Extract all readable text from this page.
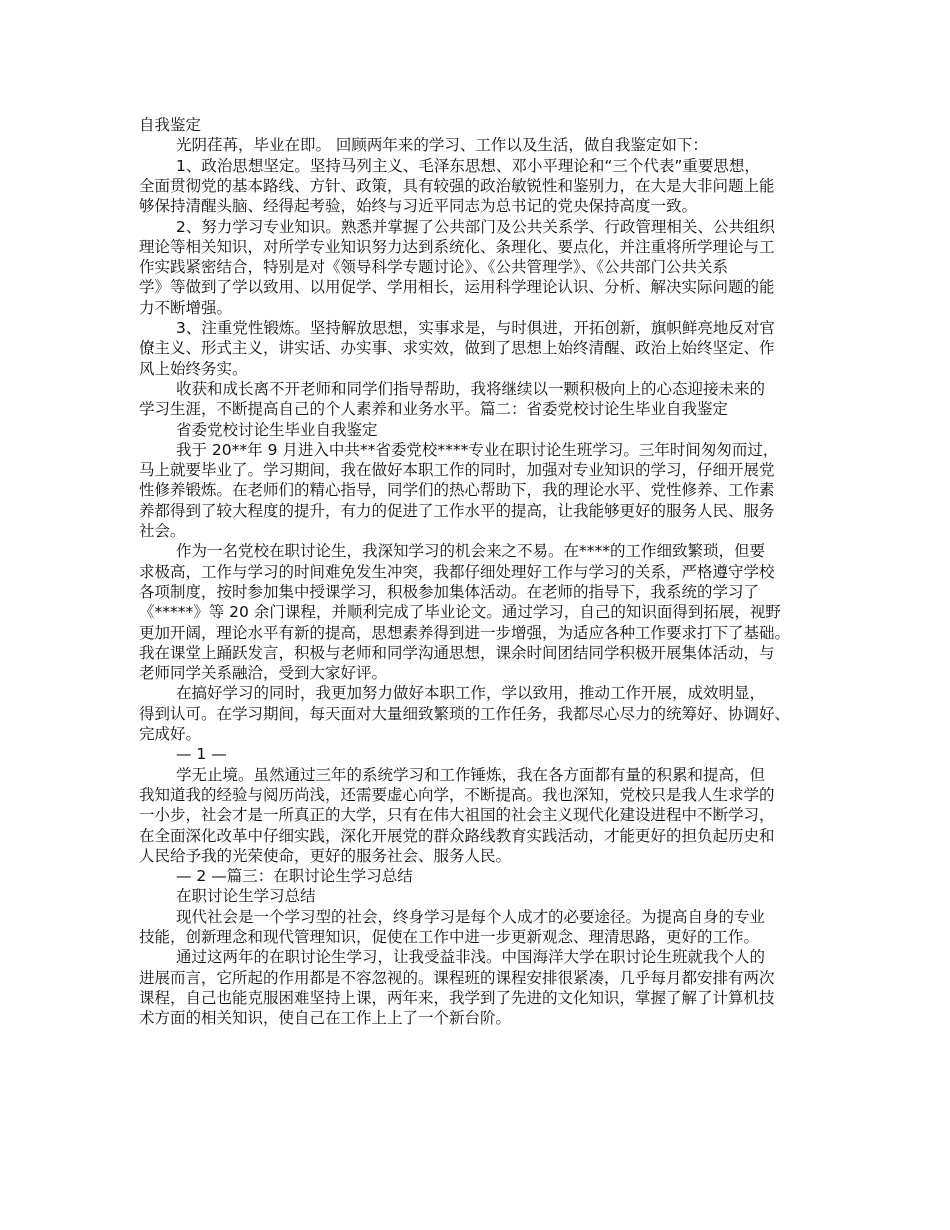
自我鉴定
光阴荏苒，毕业在即。 回顾两年来的学习、工作以及生活，做自我鉴定如下：
1、政治思想坚定。坚持马列主义、毛泽东思想、邓小平理论和“三个代表”重要思想，
全面贯彻党的基本路线、方针、政策，具有较强的政治敏锐性和鉴别力，在大是大非问题上能
够保持清醒头脑、经得起考验，始终与习近平同志为总书记的党央保持高度一致。
2、努力学习专业知识。熟悉并掌握了公共部门及公共关系学、行政管理相关、公共组织
理论等相关知识，对所学专业知识努力达到系统化、条理化、要点化，并注重将所学理论与工
作实践紧密结合，特别是对《领导科学专题讨论》、《公共管理学》、《公共部门公共关系
学》等做到了学以致用、以用促学、学用相长，运用科学理论认识、分析、解决实际问题的能
力不断增强。
3、注重党性锻炼。坚持解放思想，实事求是，与时俱进，开拓创新，旗帜鲜亮地反对官
僚主义、形式主义，讲实话、办实事、求实效，做到了思想上始终清醒、政治上始终坚定、作
风上始终务实。
收获和成长离不开老师和同学们指导帮助，我将继续以一颗积极向上的心态迎接未来的
学习生涯，不断提高自己的个人素养和业务水平。篇二：省委党校讨论生毕业自我鉴定
省委党校讨论生毕业自我鉴定
我于 20**年 9 月进入中共**省委党校****专业在职讨论生班学习。三年时间匆匆而过，
马上就要毕业了。学习期间，我在做好本职工作的同时，加强对专业知识的学习，仔细开展党
性修养锻炼。在老师们的精心指导，同学们的热心帮助下，我的理论水平、党性修养、工作素
养都得到了较大程度的提升，有力的促进了工作水平的提高，让我能够更好的服务人民、服务
社会。
作为一名党校在职讨论生，我深知学习的机会来之不易。在****的工作细致繁琐，但要
求极高，工作与学习的时间难免发生冲突，我都仔细处理好工作与学习的关系，严格遵守学校
各项制度，按时参加集中授课学习，积极参加集体活动。在老师的指导下，我系统的学习了
《*****》等 20 余门课程，并顺利完成了毕业论文。通过学习，自己的知识面得到拓展，视野
更加开阔，理论水平有新的提高，思想素养得到进一步增强，为适应各种工作要求打下了基础。
我在课堂上踊跃发言，积极与老师和同学沟通思想，课余时间团结同学积极开展集体活动，与
老师同学关系融洽，受到大家好评。
在搞好学习的同时，我更加努力做好本职工作，学以致用，推动工作开展，成效明显，
得到认可。在学习期间，每天面对大量细致繁琐的工作任务，我都尽心尽力的统筹好、协调好、
完成好。
— 1 —
学无止境。虽然通过三年的系统学习和工作锤炼，我在各方面都有量的积累和提高，但
我知道我的经验与阅历尚浅，还需要虚心向学，不断提高。我也深知，党校只是我人生求学的
一小步，社会才是一所真正的大学，只有在伟大祖国的社会主义现代化建设进程中不断学习，
在全面深化改革中仔细实践，深化开展党的群众路线教育实践活动，才能更好的担负起历史和
人民给予我的光荣使命，更好的服务社会、服务人民。
— 2 —篇三：在职讨论生学习总结
在职讨论生学习总结
现代社会是一个学习型的社会，终身学习是每个人成才的必要途径。为提高自身的专业
技能，创新理念和现代管理知识，促使在工作中进一步更新观念、理清思路，更好的工作。
通过这两年的在职讨论生学习，让我受益非浅。中国海洋大学在职讨论生班就我个人的
进展而言，它所起的作用都是不容忽视的。课程班的课程安排很紧凑，几乎每月都安排有两次
课程，自己也能克服困难坚持上课，两年来，我学到了先进的文化知识，掌握了解了计算机技
术方面的相关知识，使自己在工作上上了一个新台阶。
